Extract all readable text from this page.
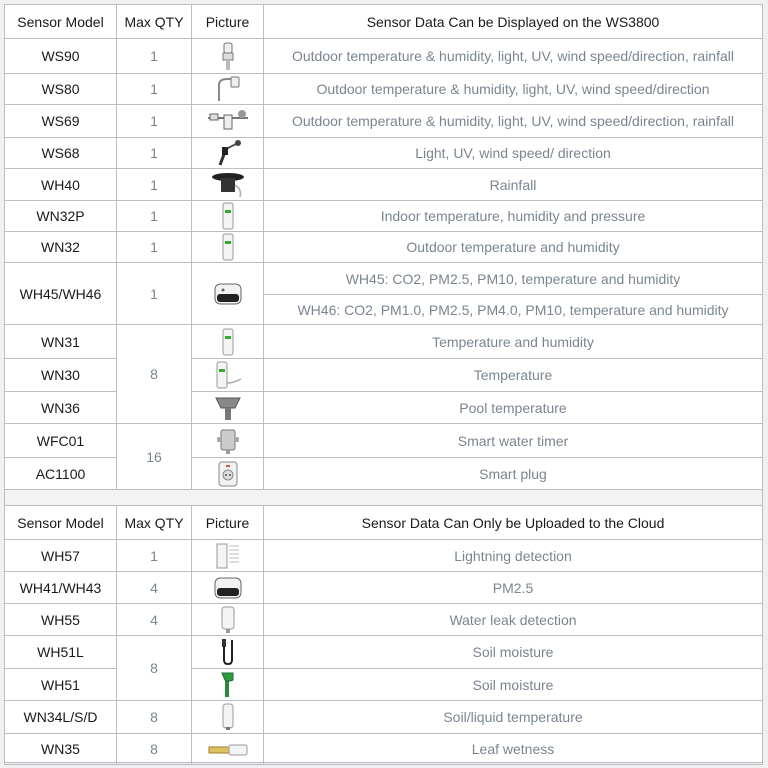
Sensor Model	Max QTY	Picture	Sensor Data Can be Displayed on the WS3800
WS90	1		Outdoor temperature & humidity, light, UV, wind speed/direction, rainfall
WS80	1		Outdoor temperature & humidity, light, UV, wind speed/direction
WS69	1		Outdoor temperature & humidity, light, UV, wind speed/direction, rainfall
WS68	1		Light, UV, wind speed/ direction
WH40	1		Rainfall
WN32P	1		Indoor temperature, humidity and pressure
WN32	1		Outdoor temperature and humidity
WH45/WH46	1		WH45: CO2, PM2.5, PM10, temperature and humidity
			WH46: CO2, PM1.0, PM2.5, PM4.0, PM10, temperature and humidity
WN31	8		Temperature and humidity
WN30			Temperature
WN36			Pool temperature
WFC01	16		Smart water timer
AC1100			Smart plug
Sensor Model	Max QTY	Picture	Sensor Data Can Only be Uploaded to the Cloud
WH57	1		Lightning detection
WH41/WH43	4		PM2.5
WH55	4		Water leak detection
WH51L	8		Soil moisture
WH51			Soil moisture
WN34L/S/D	8		Soil/liquid temperature
WN35	8		Leaf wetness
